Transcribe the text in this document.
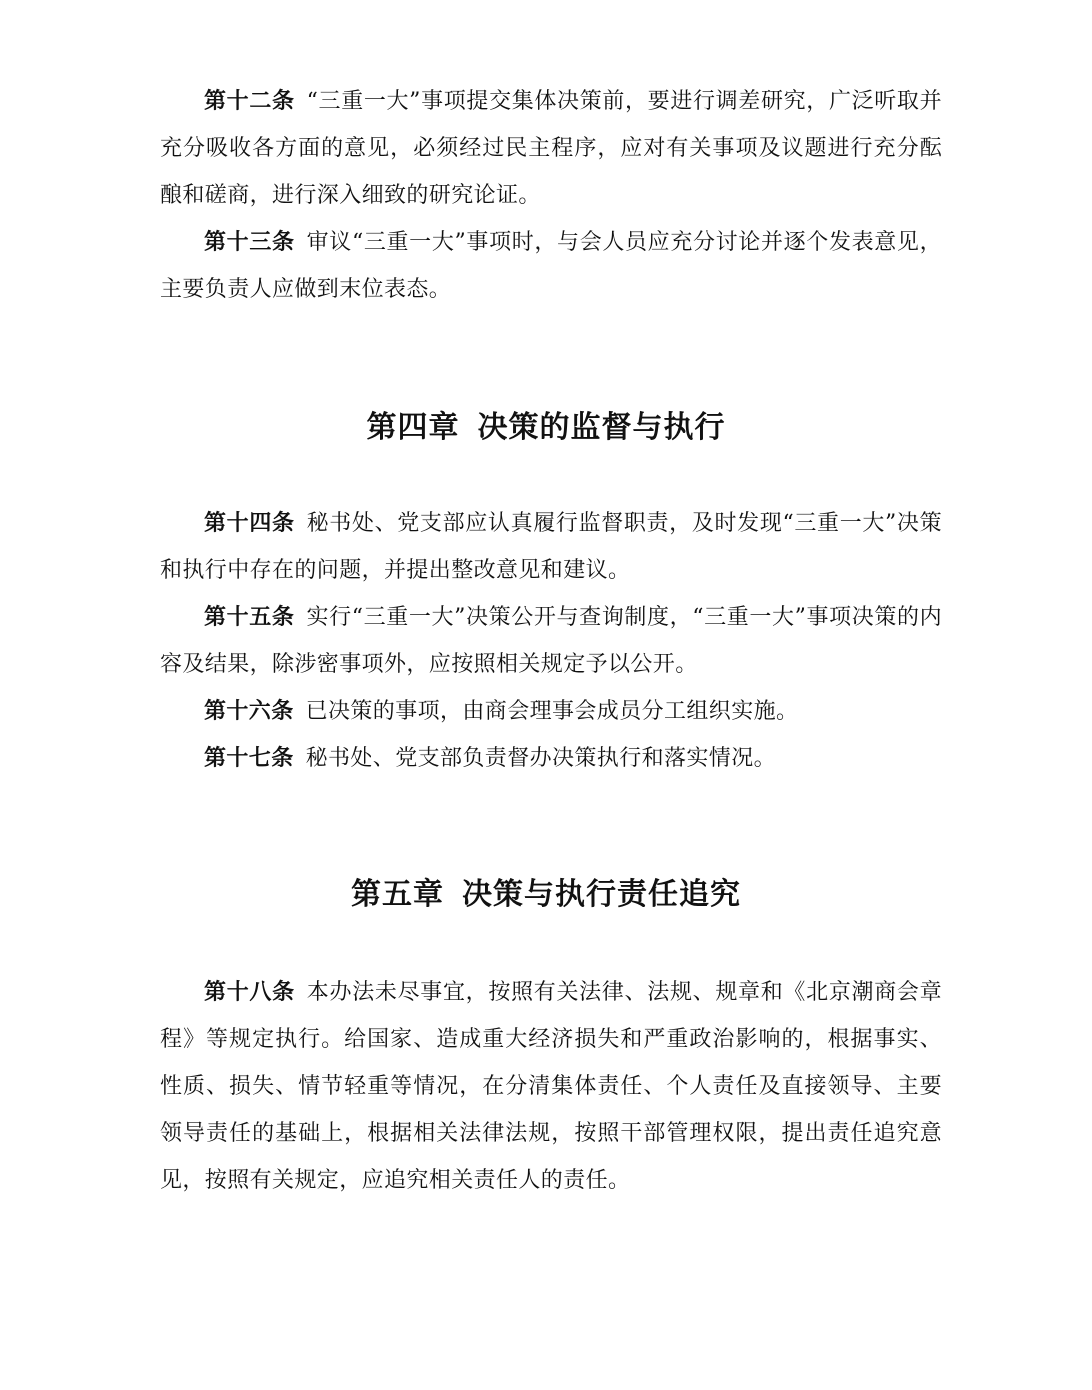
第十二条 “三重一大”事项提交集体决策前，要进行调差研究，广泛听取并充分吸收各方面的意见，必须经过民主程序，应对有关事项及议题进行充分酝酿和磋商，进行深入细致的研究论证。

第十三条 审议“三重一大”事项时，与会人员应充分讨论并逐个发表意见，主要负责人应做到末位表态。

第四章 决策的监督与执行

第十四条 秘书处、党支部应认真履行监督职责，及时发现“三重一大”决策和执行中存在的问题，并提出整改意见和建议。

第十五条 实行“三重一大”决策公开与查询制度，“三重一大”事项决策的内容及结果，除涉密事项外，应按照相关规定予以公开。

第十六条 已决策的事项，由商会理事会成员分工组织实施。

第十七条 秘书处、党支部负责督办决策执行和落实情况。

第五章 决策与执行责任追究

第十八条 本办法未尽事宜，按照有关法律、法规、规章和《北京潮商会章程》等规定执行。给国家、造成重大经济损失和严重政治影响的，根据事实、性质、损失、情节轻重等情况，在分清集体责任、个人责任及直接领导、主要领导责任的基础上，根据相关法律法规，按照干部管理权限，提出责任追究意见，按照有关规定，应追究相关责任人的责任。
